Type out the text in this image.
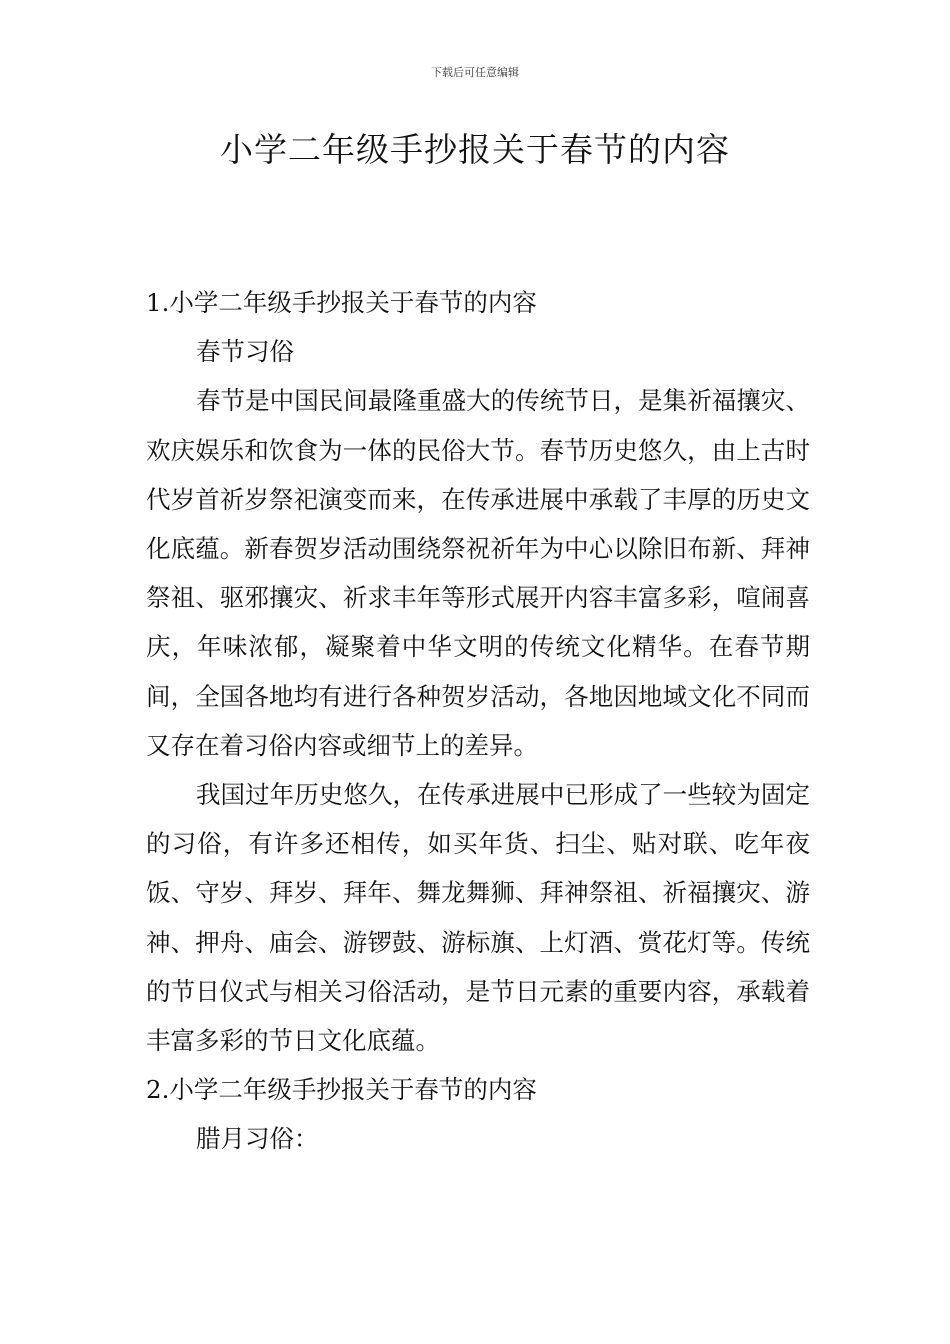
下载后可任意编辑
小学二年级手抄报关于春节的内容

1.小学二年级手抄报关于春节的内容

春节习俗

春节是中国民间最隆重盛大的传统节日，是集祈福攘灾、欢庆娱乐和饮食为一体的民俗大节。春节历史悠久，由上古时代岁首祈岁祭祀演变而来，在传承进展中承载了丰厚的历史文化底蕴。新春贺岁活动围绕祭祝祈年为中心以除旧布新、拜神祭祖、驱邪攘灾、祈求丰年等形式展开内容丰富多彩，喧闹喜庆，年味浓郁，凝聚着中华文明的传统文化精华。在春节期间，全国各地均有进行各种贺岁活动，各地因地域文化不同而又存在着习俗内容或细节上的差异。

我国过年历史悠久，在传承进展中已形成了一些较为固定的习俗，有许多还相传，如买年货、扫尘、贴对联、吃年夜饭、守岁、拜岁、拜年、舞龙舞狮、拜神祭祖、祈福攘灾、游神、押舟、庙会、游锣鼓、游标旗、上灯酒、赏花灯等。传统的节日仪式与相关习俗活动，是节日元素的重要内容，承载着丰富多彩的节日文化底蕴。

2.小学二年级手抄报关于春节的内容

腊月习俗：
